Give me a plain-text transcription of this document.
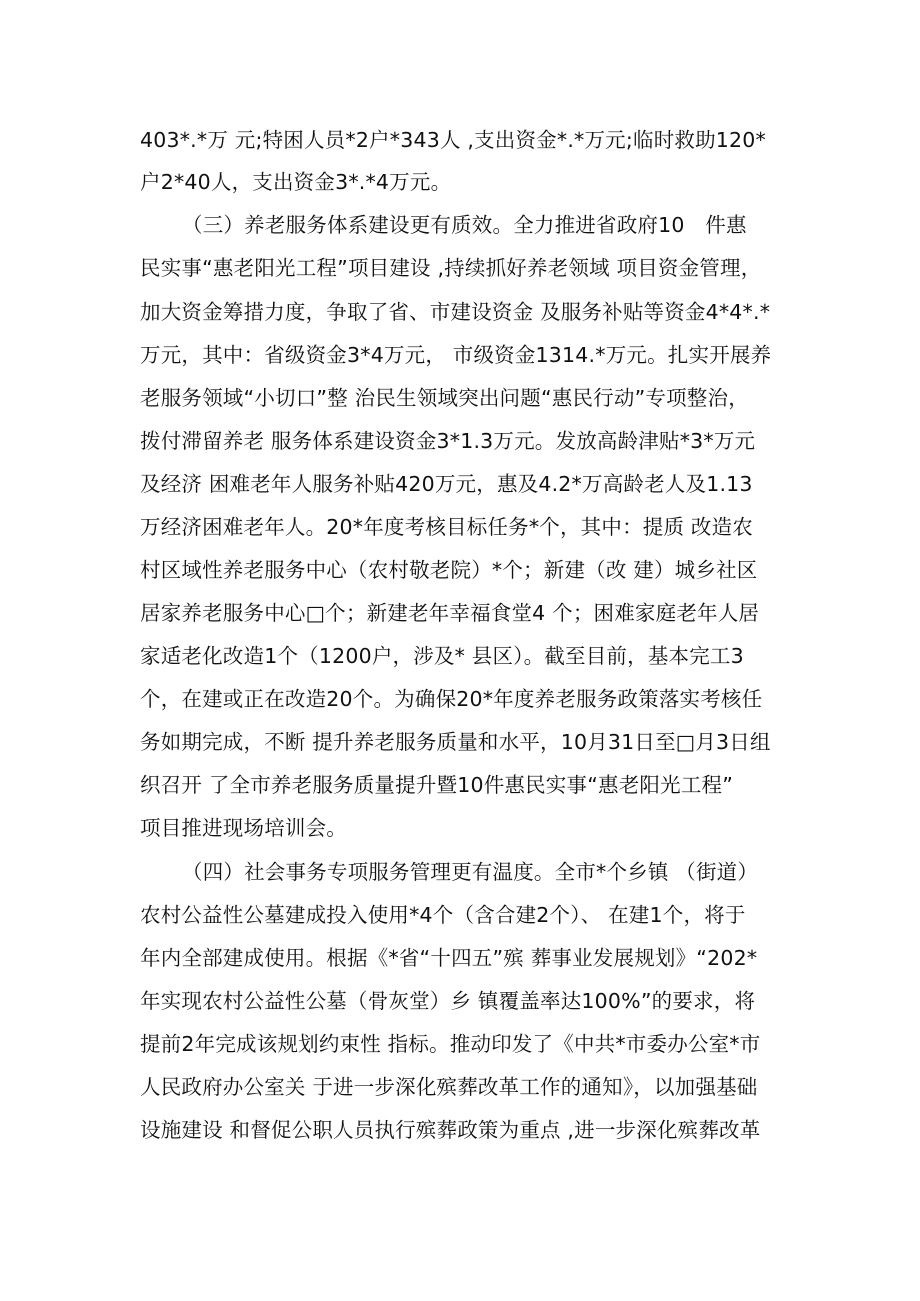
403*.*万 元;特困人员*2户*343人 ,支出资金*.*万元;临时救助120*
户2*40人，支出资金3*.*4万元。
（三）养老服务体系建设更有质效。全力推进省政府10　件惠
民实事“惠老阳光工程”项目建设 ,持续抓好养老领域 项目资金管理，
加大资金筹措力度，争取了省、市建设资金 及服务补贴等资金4*4*.*
万元，其中：省级资金3*4万元， 市级资金1314.*万元。扎实开展养
老服务领域“小切口”整 治民生领域突出问题“惠民行动”专项整治，
拨付滞留养老 服务体系建设资金3*1.3万元。发放高龄津贴*3*万元
及经济 困难老年人服务补贴420万元，惠及4.2*万高龄老人及1.13
万经济困难老年人。20*年度考核目标任务*个，其中：提质 改造农
村区域性养老服务中心（农村敬老院）*个；新建（改 建）城乡社区
居家养老服务中心□个；新建老年幸福食堂4 个；困难家庭老年人居
家适老化改造1个（1200户，涉及* 县区）。截至目前，基本完工3
个，在建或正在改造20个。为确保20*年度养老服务政策落实考核任
务如期完成，不断 提升养老服务质量和水平，10月31日至□月3日组
织召开 了全市养老服务质量提升暨10件惠民实事“惠老阳光工程”
项目推进现场培训会。
（四）社会事务专项服务管理更有温度。全市*个乡镇 （街道）
农村公益性公墓建成投入使用*4个（含合建2个）、 在建1个，将于
年内全部建成使用。根据《*省“十四五”殡 葬事业发展规划》“202*
年实现农村公益性公墓（骨灰堂）乡 镇覆盖率达100%”的要求，将
提前2年完成该规划约束性 指标。推动印发了《中共*市委办公室*市
人民政府办公室关 于进一步深化殡葬改革工作的通知》，以加强基础
设施建设 和督促公职人员执行殡葬政策为重点 ,进一步深化殡葬改革
